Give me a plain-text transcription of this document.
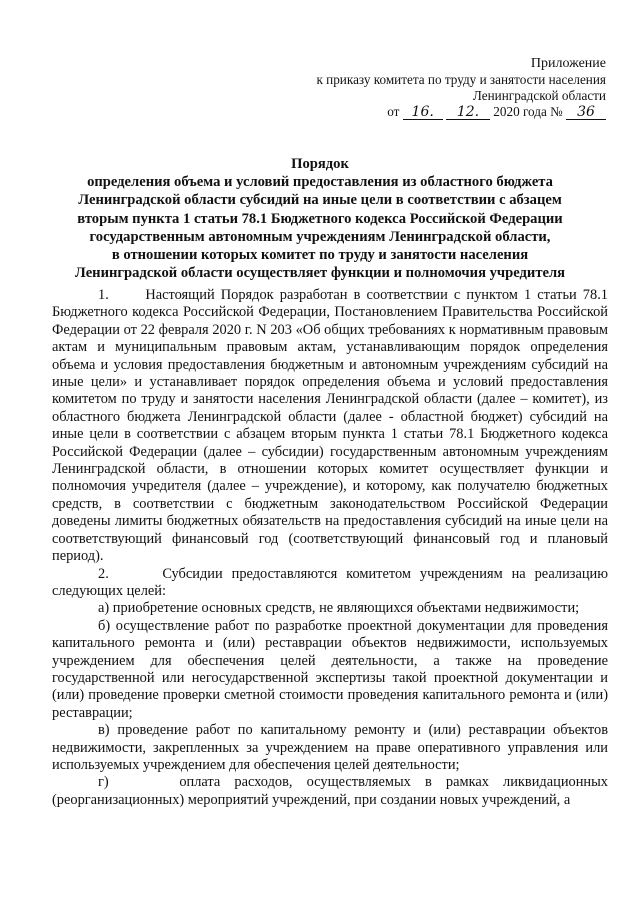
Приложение
к приказу комитета по труду и занятости населения
Ленинградской области
от 16. 12. 2020 года № 36
Порядок
определения объема и условий предоставления из областного бюджета
Ленинградской области субсидий на иные цели в соответствии с абзацем
вторым пункта 1 статьи 78.1 Бюджетного кодекса Российской Федерации
государственным автономным учреждениям Ленинградской области,
в отношении которых комитет по труду и занятости населения
Ленинградской области осуществляет функции и полномочия учредителя

1.      Настоящий Порядок разработан в соответствии с пунктом 1 статьи 78.1 Бюджетного кодекса Российской Федерации, Постановлением Правительства Российской Федерации от 22 февраля 2020 г. N 203 «Об общих требованиях к нормативным правовым актам и муниципальным правовым актам, устанавливающим порядок определения объема и условия предоставления бюджетным и автономным учреждениям субсидий на иные цели» и устанавливает порядок определения объема и условий предоставления комитетом по труду и занятости населения Ленинградской области (далее – комитет), из областного бюджета Ленинградской области (далее - областной бюджет) субсидий на иные цели в соответствии с абзацем вторым пункта 1 статьи 78.1 Бюджетного кодекса Российской Федерации (далее – субсидии) государственным автономным учреждениям Ленинградской области, в отношении которых комитет осуществляет функции и полномочия учредителя (далее – учреждение), и которому, как получателю бюджетных средств, в соответствии с бюджетным законодательством Российской Федерации доведены лимиты бюджетных обязательств на предоставления субсидий на иные цели на соответствующий финансовый год (соответствующий финансовый год и плановый период).

2.      Субсидии предоставляются комитетом учреждениям на реализацию следующих целей:

а) приобретение основных средств, не являющихся объектами недвижимости;

б) осуществление работ по разработке проектной документации для проведения капитального ремонта и (или) реставрации объектов недвижимости, используемых учреждением для обеспечения целей деятельности, а также на проведение государственной или негосударственной экспертизы такой проектной документации и (или) проведение проверки сметной стоимости проведения капитального ремонта и (или) реставрации;

в) проведение работ по капитальному ремонту и (или) реставрации объектов недвижимости, закрепленных за учреждением на праве оперативного управления или используемых учреждением для обеспечения целей деятельности;

г)     оплата расходов, осуществляемых в рамках ликвидационных (реорганизационных) мероприятий учреждений, при создании новых учреждений, а
